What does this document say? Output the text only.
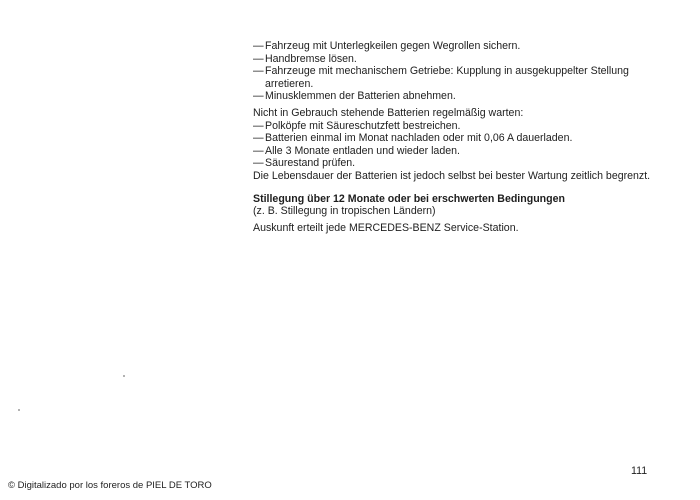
— Fahrzeug mit Unterlegkeilen gegen Wegrollen sichern.
— Handbremse lösen.
— Fahrzeuge mit mechanischem Getriebe: Kupplung in ausgekuppelter Stellung arretieren.
— Minusklemmen der Batterien abnehmen.
Nicht in Gebrauch stehende Batterien regelmäßig warten:
— Polköpfe mit Säureschutzfett bestreichen.
— Batterien einmal im Monat nachladen oder mit 0,06 A dauerladen.
— Alle 3 Monate entladen und wieder laden.
— Säurestand prüfen.
Die Lebensdauer der Batterien ist jedoch selbst bei bester Wartung zeitlich begrenzt.
Stillegung über 12 Monate oder bei erschwerten Bedingungen
(z. B. Stillegung in tropischen Ländern)
Auskunft erteilt jede MERCEDES-BENZ Service-Station.
111
© Digitalizado por los foreros de PIEL DE TORO
